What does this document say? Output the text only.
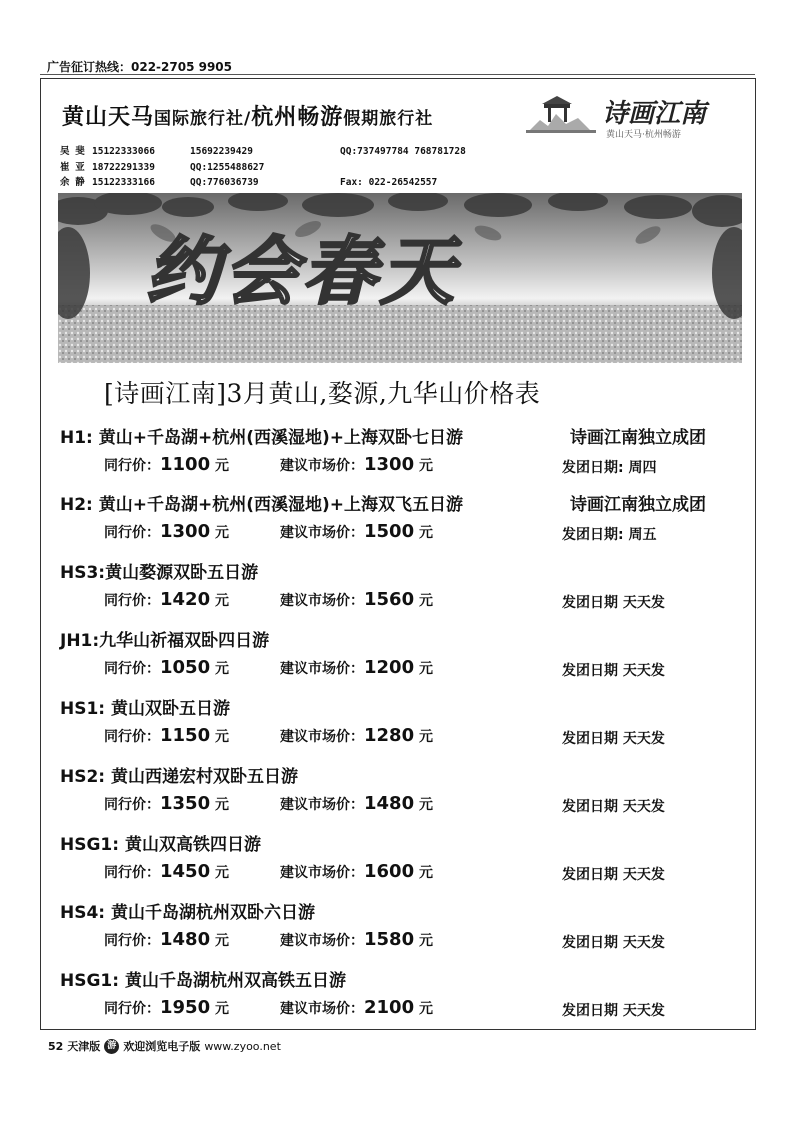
广告征订热线：022-2705 9905
黄山天马国际旅行社/杭州畅游假期旅行社	诗画江南
黄山天马·杭州畅游
吴 斐 15122333066	15692239429	QQ:737497784 768781728
崔 亚 18722291339	QQ:1255488627
余 静 15122333166	QQ:776036739	Fax: 022-26542557
约会春天
[诗画江南]3月黄山,婺源,九华山价格表
H1: 黄山+千岛湖+杭州(西溪湿地)+上海双卧七日游	诗画江南独立成团
同行价：1100 元	建议市场价：1300 元	发团日期: 周四
H2: 黄山+千岛湖+杭州(西溪湿地)+上海双飞五日游	诗画江南独立成团
同行价：1300 元	建议市场价：1500 元	发团日期: 周五
HS3:黄山婺源双卧五日游
同行价：1420 元	建议市场价：1560 元	发团日期 天天发
JH1:九华山祈福双卧四日游
同行价：1050 元	建议市场价：1200 元	发团日期 天天发
HS1: 黄山双卧五日游
同行价：1150 元	建议市场价：1280 元	发团日期 天天发
HS2: 黄山西递宏村双卧五日游
同行价：1350 元	建议市场价：1480 元	发团日期 天天发
HSG1: 黄山双高铁四日游
同行价：1450 元	建议市场价：1600 元	发团日期 天天发
HS4: 黄山千岛湖杭州双卧六日游
同行价：1480 元	建议市场价：1580 元	发团日期 天天发
HSG1: 黄山千岛湖杭州双高铁五日游
同行价：1950 元	建议市场价：2100 元	发团日期 天天发
52 天津版 游 欢迎浏览电子版 www.zyoo.net
